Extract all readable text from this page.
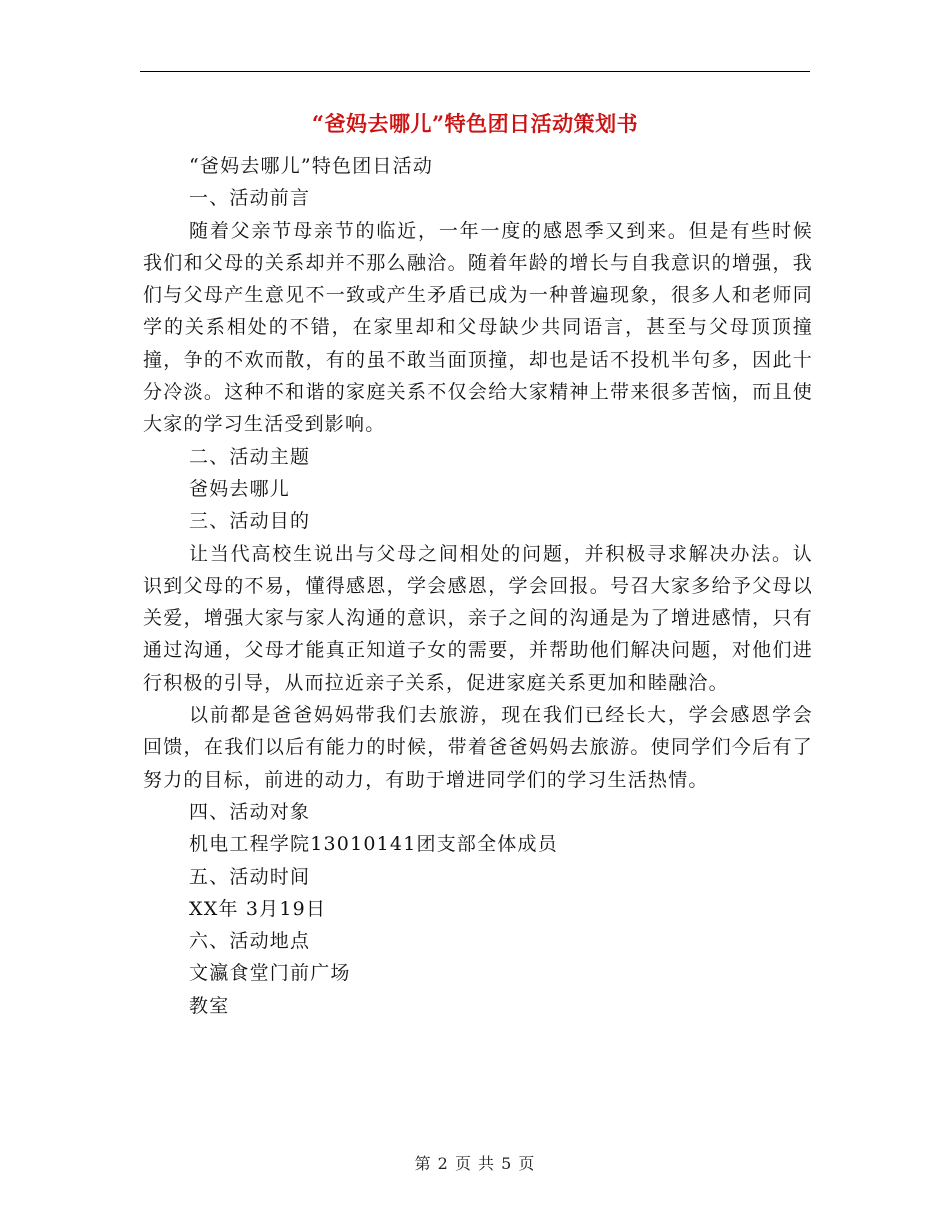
“爸妈去哪儿”特色团日活动策划书

“爸妈去哪儿”特色团日活动

一、活动前言

随着父亲节母亲节的临近，一年一度的感恩季又到来。但是有些时候我们和父母的关系却并不那么融洽。随着年龄的增长与自我意识的增强，我们与父母产生意见不一致或产生矛盾已成为一种普遍现象，很多人和老师同学的关系相处的不错，在家里却和父母缺少共同语言，甚至与父母顶顶撞撞，争的不欢而散，有的虽不敢当面顶撞，却也是话不投机半句多，因此十分冷淡。这种不和谐的家庭关系不仅会给大家精神上带来很多苦恼，而且使大家的学习生活受到影响。

二、活动主题

爸妈去哪儿

三、活动目的

让当代高校生说出与父母之间相处的问题，并积极寻求解决办法。认识到父母的不易，懂得感恩，学会感恩，学会回报。号召大家多给予父母以关爱，增强大家与家人沟通的意识，亲子之间的沟通是为了增进感情，只有通过沟通，父母才能真正知道子女的需要，并帮助他们解决问题，对他们进行积极的引导，从而拉近亲子关系，促进家庭关系更加和睦融洽。

以前都是爸爸妈妈带我们去旅游，现在我们已经长大，学会感恩学会回馈，在我们以后有能力的时候，带着爸爸妈妈去旅游。使同学们今后有了努力的目标，前进的动力，有助于增进同学们的学习生活热情。

四、活动对象

机电工程学院13010141团支部全体成员

五、活动时间

XX年 3月19日

六、活动地点

文瀛食堂门前广场

教室

第 2 页 共 5 页
